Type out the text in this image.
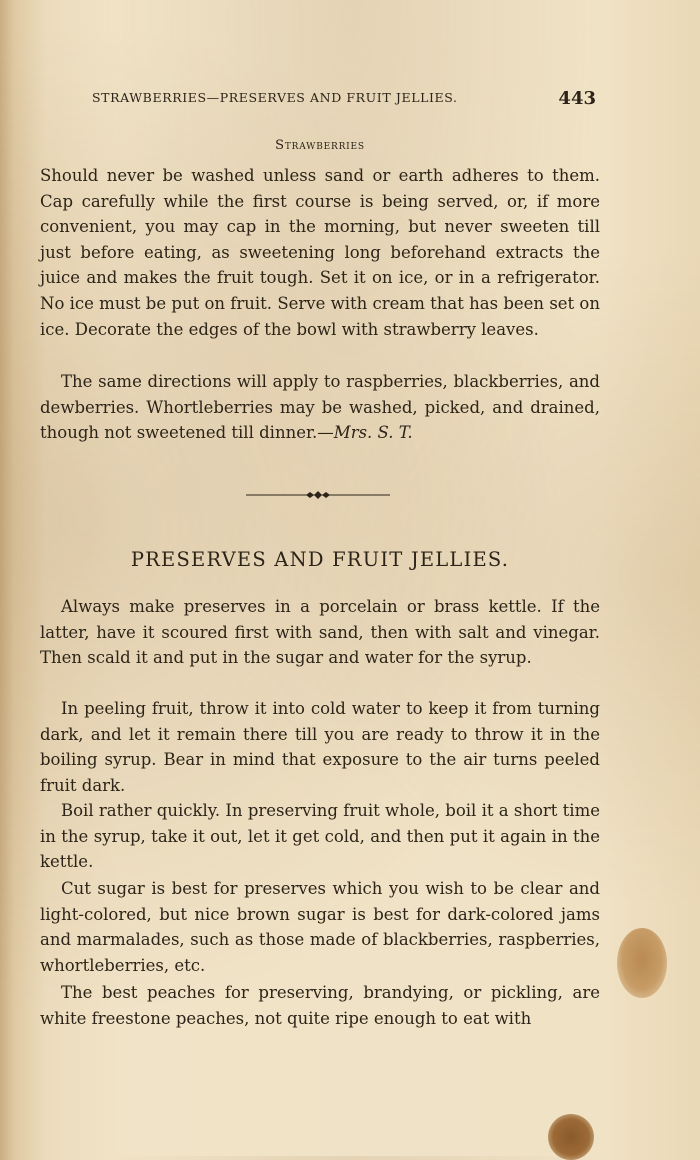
STRAWBERRIES—PRESERVES AND FRUIT JELLIES.	443
Strawberries

Should never be washed unless sand or earth adheres to them. Cap carefully while the first course is being served, or, if more convenient, you may cap in the morning, but never sweeten till just before eating, as sweetening long beforehand extracts the juice and makes the fruit tough. Set it on ice, or in a refrigerator. No ice must be put on fruit. Serve with cream that has been set on ice. Decorate the edges of the bowl with strawberry leaves.

The same directions will apply to raspberries, blackberries, and dewberries. Whortleberries may be washed, picked, and drained, though not sweetened till dinner.—Mrs. S. T.

PRESERVES AND FRUIT JELLIES.

Always make preserves in a porcelain or brass kettle. If the latter, have it scoured first with sand, then with salt and vinegar. Then scald it and put in the sugar and water for the syrup.

In peeling fruit, throw it into cold water to keep it from turning dark, and let it remain there till you are ready to throw it in the boiling syrup. Bear in mind that exposure to the air turns peeled fruit dark.

Boil rather quickly. In preserving fruit whole, boil it a short time in the syrup, take it out, let it get cold, and then put it again in the kettle.

Cut sugar is best for preserves which you wish to be clear and light-colored, but nice brown sugar is best for dark-colored jams and marmalades, such as those made of blackberries, raspberries, whortleberries, etc.

The best peaches for preserving, brandying, or pickling, are white freestone peaches, not quite ripe enough to eat with
